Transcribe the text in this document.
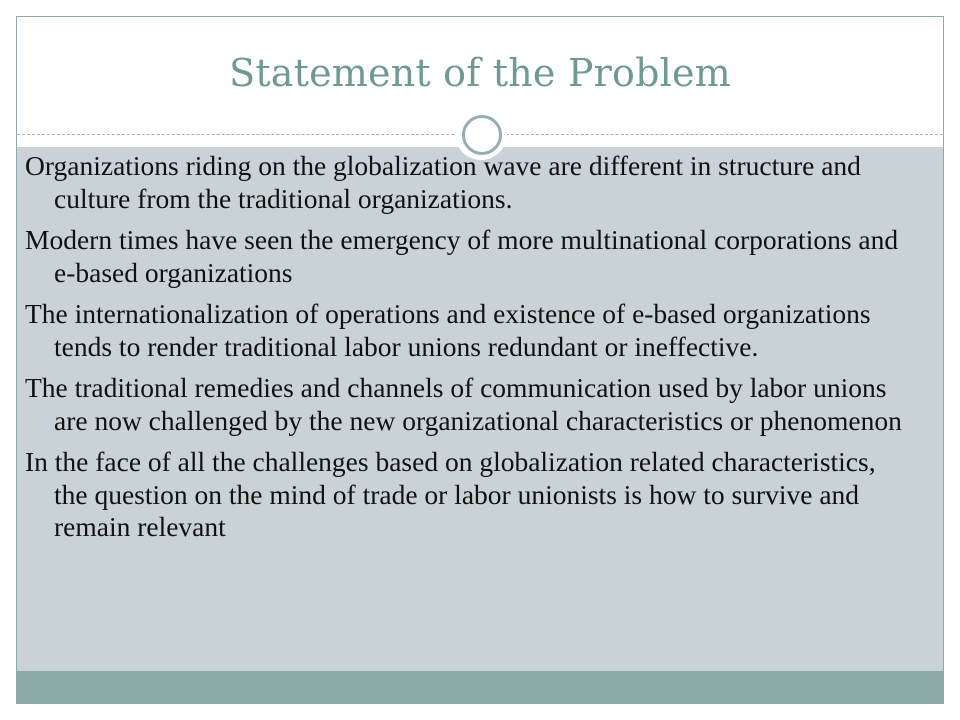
Statement of the Problem
Organizations riding on the globalization wave are different in structure and culture from the traditional organizations.
Modern times have seen the emergency of more multinational corporations and e-based organizations
The internationalization of operations and existence of e-based organizations tends to render traditional labor unions redundant or ineffective.
The traditional remedies and channels of communication used by labor unions are now challenged by the new organizational characteristics or phenomenon
In the face of all the challenges based on globalization related characteristics, the question on the mind of trade or labor unionists is how to survive and remain relevant
